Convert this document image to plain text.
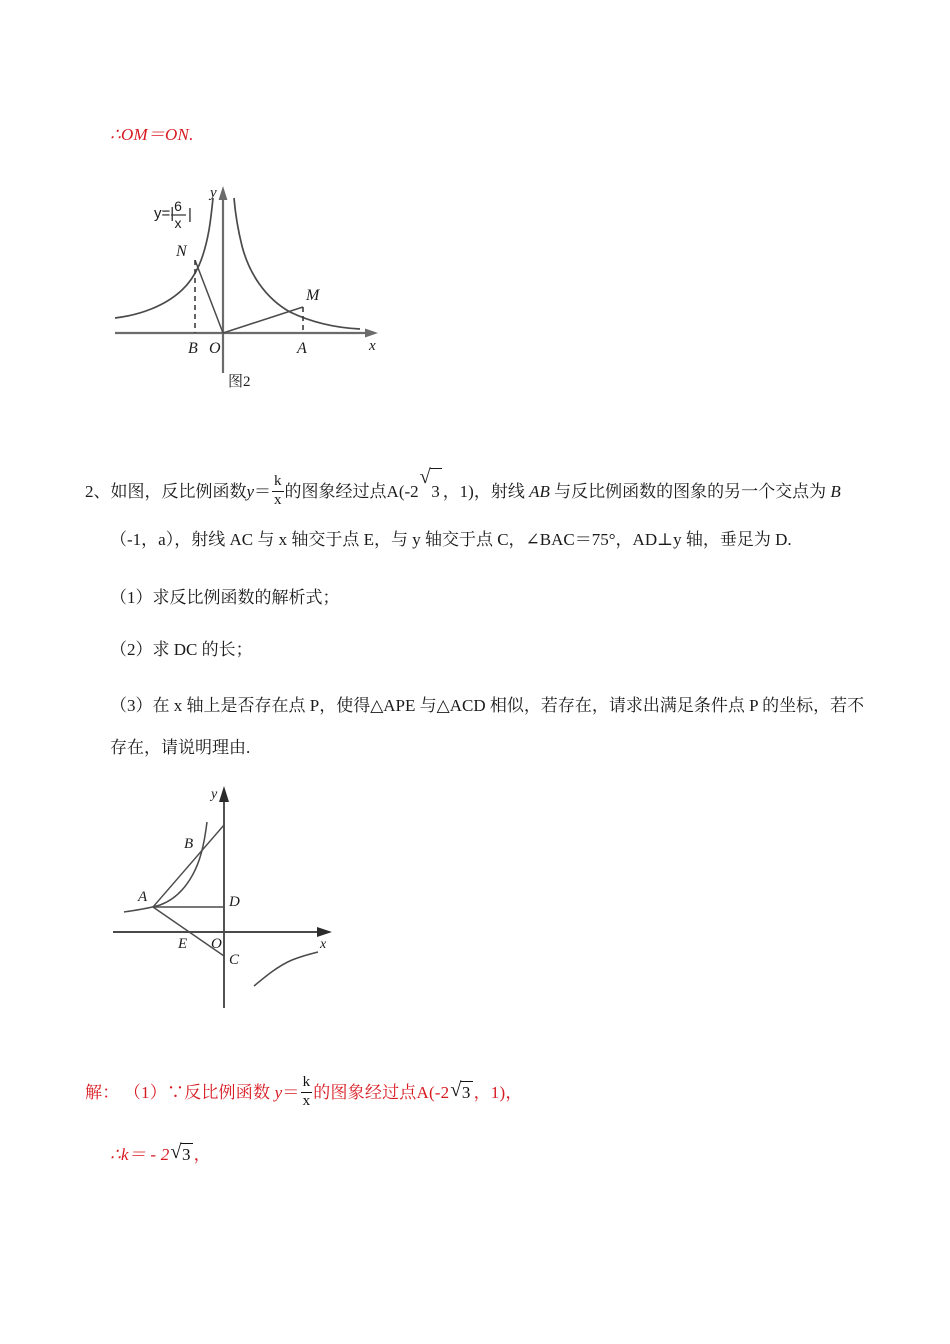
∴OM＝ON.
y=| 6
x |
N
M
B O	A	x
y
图2
2、如图，反比例函数$y= \frac{k}{x}$ 的图象经过点A(-2
√
3 ，1)，射线 AB 与反比例函数的图象的另一个交点为 B
（-1，a），射线 AC 与 x 轴交于点 E，与 y 轴交于点 C，∠BAC＝75°，AD⊥y 轴，垂足为 D.
（1）求反比例函数的解析式；
（2）求 DC 的长；
（3）在 x 轴上是否存在点 P，使得△APE 与△ACD 相似，若存在，请求出满足条件点 P 的坐标，若不
存在，请说明理由.
A
B
D
E O
C
x
y
解： （1）∵反比例函数 $y= \frac{k}{x}$ 的图象经过点A(-2 √ 3 ，1)，
∴k＝ - 2 √ 3 ，
